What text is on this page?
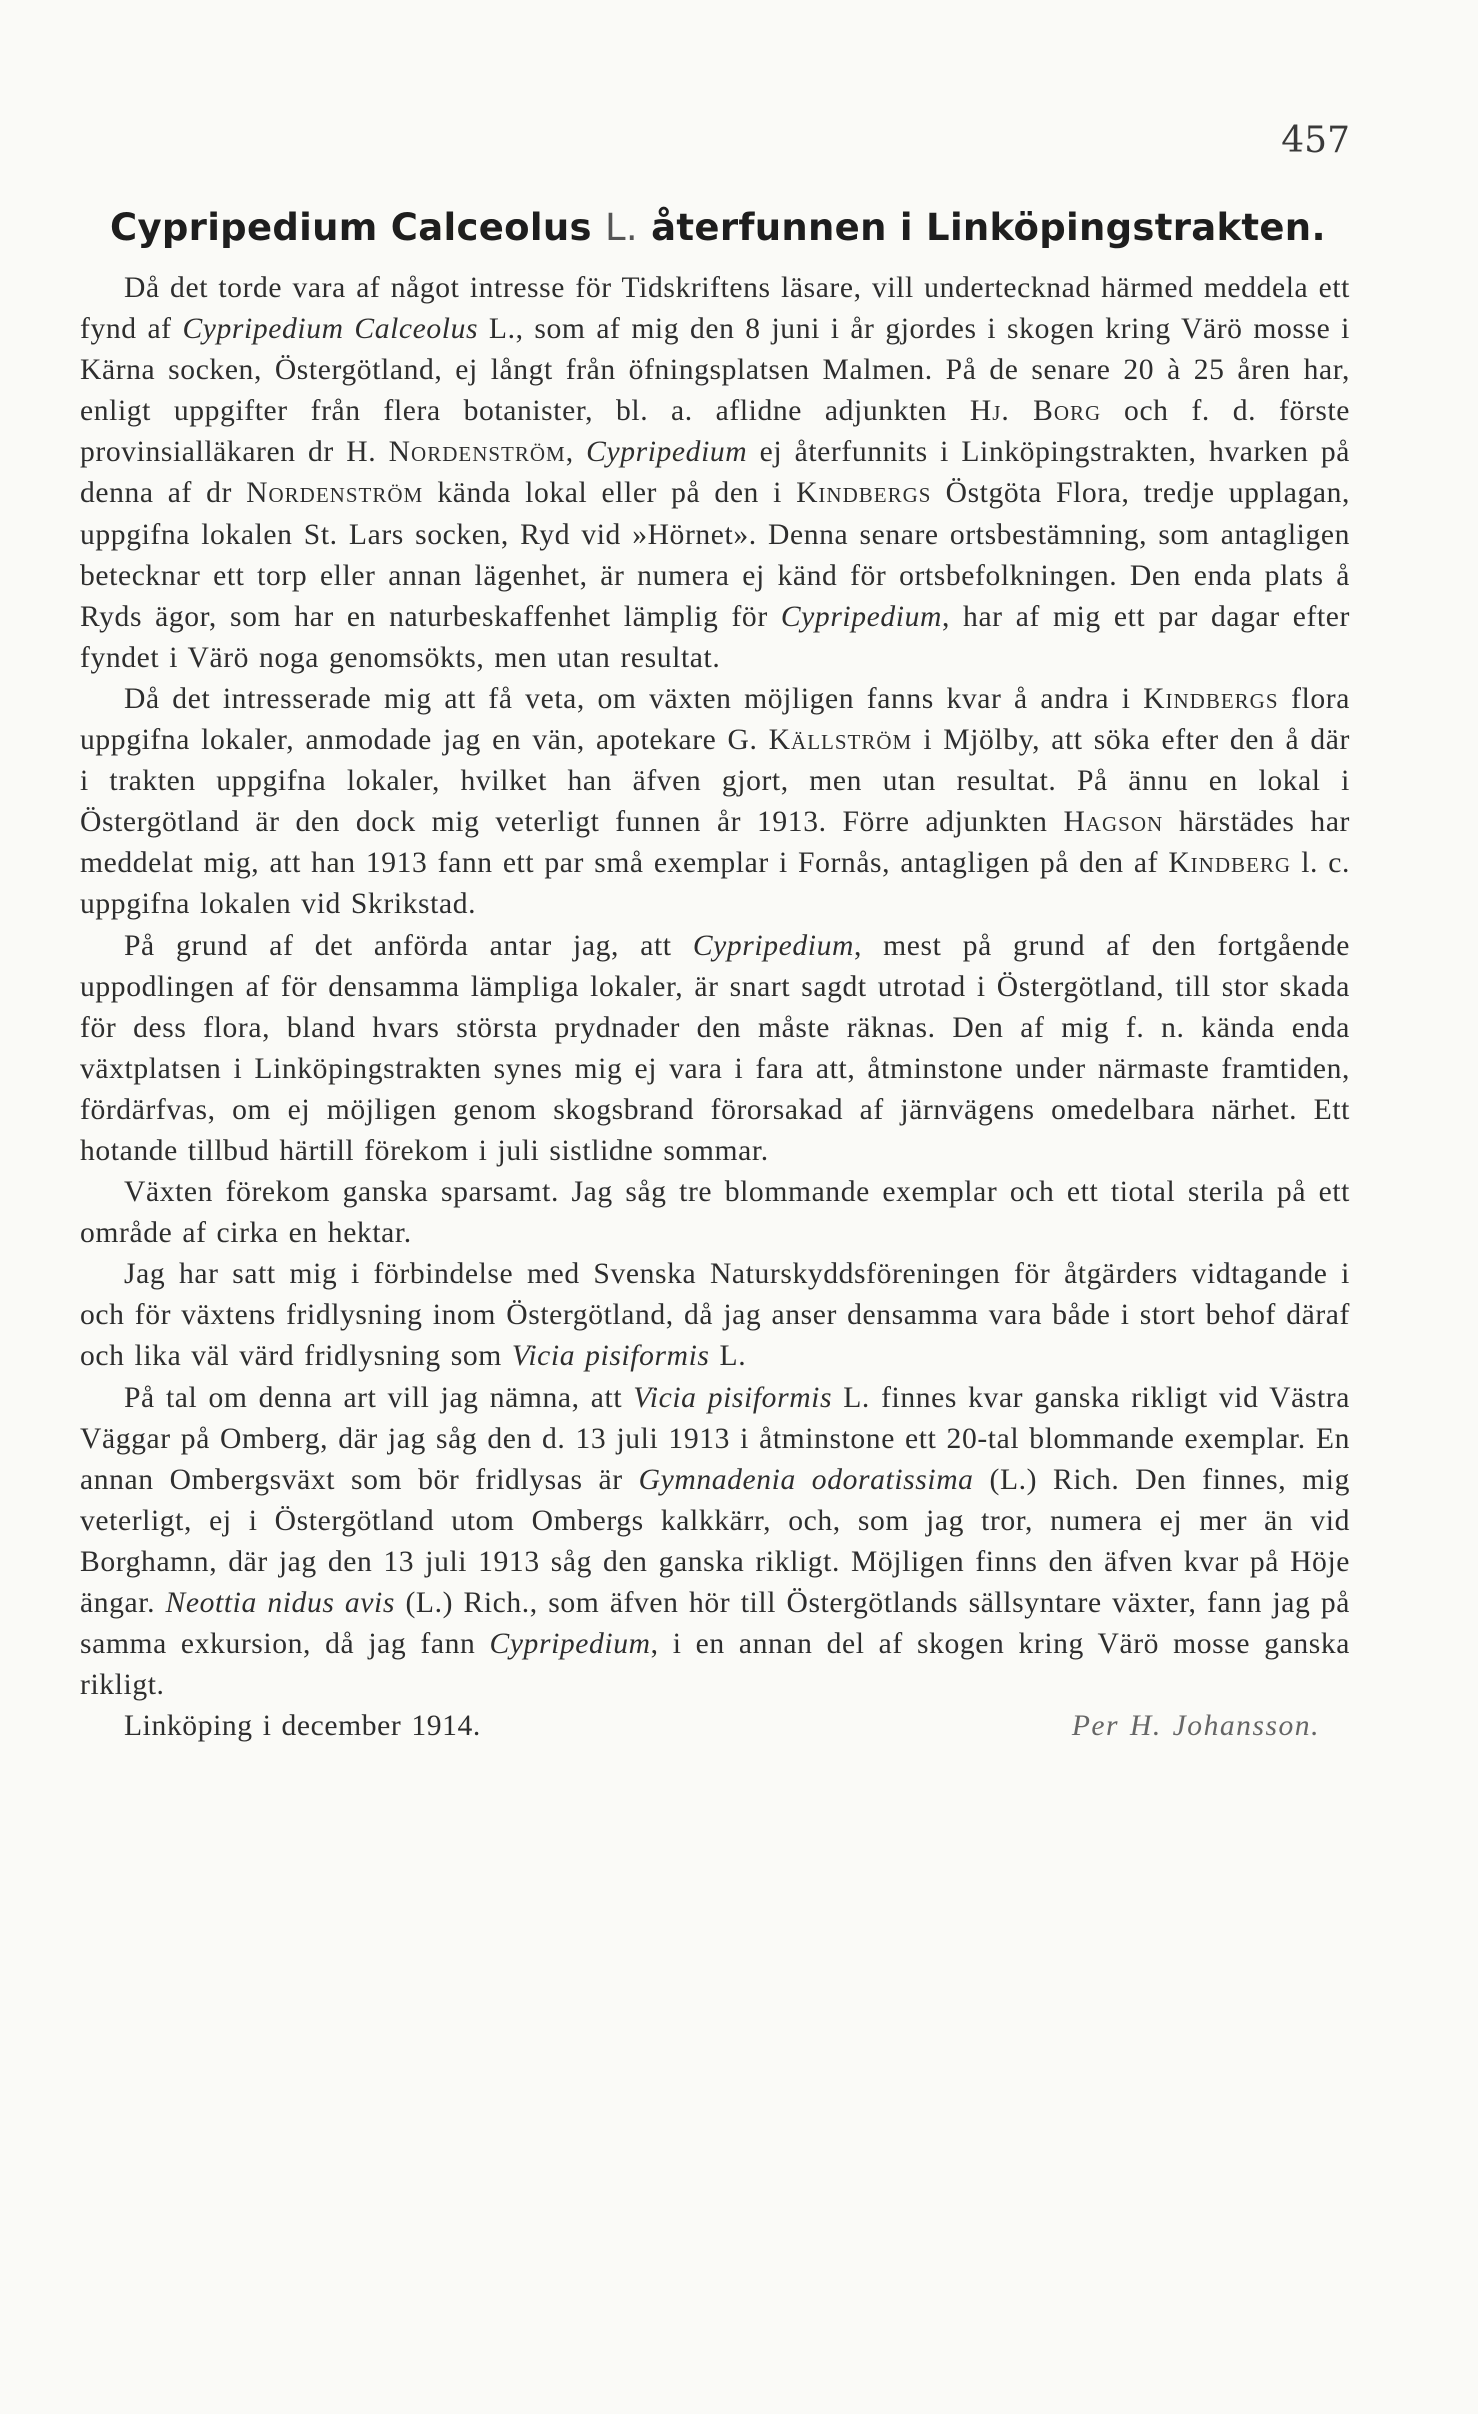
457
Cypripedium Calceolus L. återfunnen i Linköpingstrakten.

Då det torde vara af något intresse för Tidskriftens läsare, vill undertecknad härmed meddela ett fynd af Cypripedium Calceolus L., som af mig den 8 juni i år gjordes i skogen kring Värö mosse i Kärna socken, Östergötland, ej långt från öfningsplatsen Malmen. På de senare 20 à 25 åren har, enligt uppgifter från flera botanister, bl. a. aflidne adjunkten Hj. Borg och f. d. förste provinsialläkaren dr H. Nordenström, Cypripedium ej återfunnits i Linköpingstrakten, hvarken på denna af dr Nordenström kända lokal eller på den i Kindbergs Östgöta Flora, tredje upplagan, uppgifna lokalen St. Lars socken, Ryd vid »Hörnet». Denna senare ortsbestämning, som antagligen betecknar ett torp eller annan lägenhet, är numera ej känd för ortsbefolkningen. Den enda plats å Ryds ägor, som har en naturbeskaffenhet lämplig för Cypripedium, har af mig ett par dagar efter fyndet i Värö noga genomsökts, men utan resultat.

Då det intresserade mig att få veta, om växten möjligen fanns kvar å andra i Kindbergs flora uppgifna lokaler, anmodade jag en vän, apotekare G. Källström i Mjölby, att söka efter den å där i trakten uppgifna lokaler, hvilket han äfven gjort, men utan resultat. På ännu en lokal i Östergötland är den dock mig veterligt funnen år 1913. Förre adjunkten Hagson härstädes har meddelat mig, att han 1913 fann ett par små exemplar i Fornås, antagligen på den af Kindberg l. c. uppgifna lokalen vid Skrikstad.

På grund af det anförda antar jag, att Cypripedium, mest på grund af den fortgående uppodlingen af för densamma lämpliga lokaler, är snart sagdt utrotad i Östergötland, till stor skada för dess flora, bland hvars största prydnader den måste räknas. Den af mig f. n. kända enda växtplatsen i Linköpingstrakten synes mig ej vara i fara att, åtminstone under närmaste framtiden, fördärfvas, om ej möjligen genom skogsbrand förorsakad af järnvägens omedelbara närhet. Ett hotande tillbud härtill förekom i juli sistlidne sommar.

Växten förekom ganska sparsamt. Jag såg tre blommande exemplar och ett tiotal sterila på ett område af cirka en hektar.

Jag har satt mig i förbindelse med Svenska Naturskyddsföreningen för åtgärders vidtagande i och för växtens fridlysning inom Östergötland, då jag anser densamma vara både i stort behof däraf och lika väl värd fridlysning som Vicia pisiformis L.

På tal om denna art vill jag nämna, att Vicia pisiformis L. finnes kvar ganska rikligt vid Västra Väggar på Omberg, där jag såg den d. 13 juli 1913 i åtminstone ett 20-tal blommande exemplar. En annan Ombergsväxt som bör fridlysas är Gymnadenia odoratissima (L.) Rich. Den finnes, mig veterligt, ej i Östergötland utom Ombergs kalkkärr, och, som jag tror, numera ej mer än vid Borghamn, där jag den 13 juli 1913 såg den ganska rikligt. Möjligen finns den äfven kvar på Höje ängar. Neottia nidus avis (L.) Rich., som äfven hör till Östergötlands sällsyntare växter, fann jag på samma exkursion, då jag fann Cypripedium, i en annan del af skogen kring Värö mosse ganska rikligt.

Linköping i december 1914.	Per H. Johansson.
